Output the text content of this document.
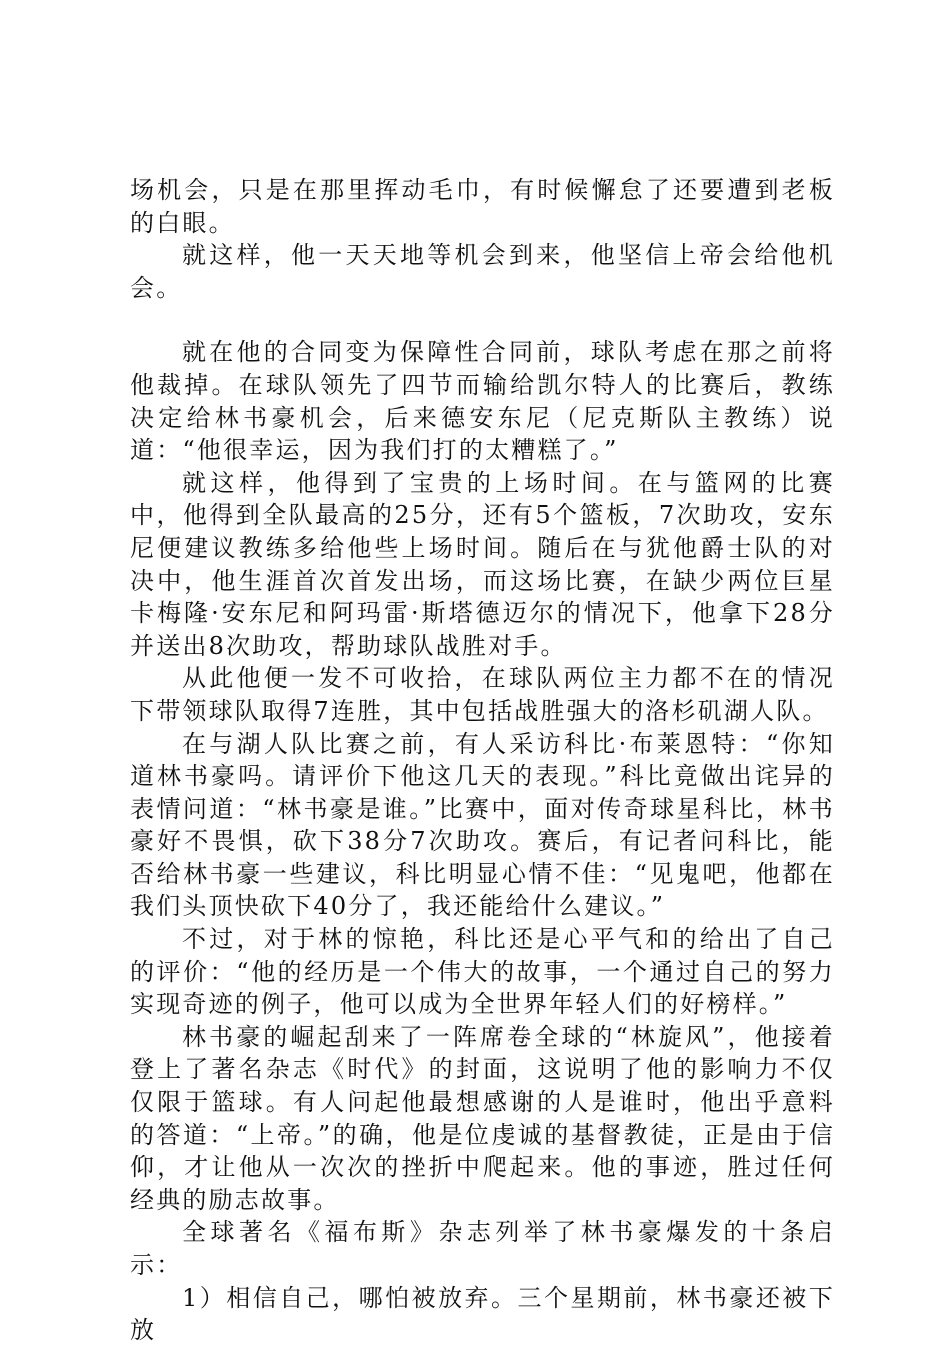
场机会，只是在那里挥动毛巾，有时候懈怠了还要遭到老板的白眼。

就这样，他一天天地等机会到来，他坚信上帝会给他机会。

就在他的合同变为保障性合同前，球队考虑在那之前将他裁掉。在球队领先了四节而输给凯尔特人的比赛后，教练决定给林书豪机会，后来德安东尼（尼克斯队主教练）说道：“他很幸运，因为我们打的太糟糕了。”

就这样，他得到了宝贵的上场时间。在与篮网的比赛中，他得到全队最高的25分，还有5个篮板，7次助攻，安东尼便建议教练多给他些上场时间。随后在与犹他爵士队的对决中，他生涯首次首发出场，而这场比赛，在缺少两位巨星卡梅隆·安东尼和阿玛雷·斯塔德迈尔的情况下，他拿下28分并送出8次助攻，帮助球队战胜对手。

从此他便一发不可收拾，在球队两位主力都不在的情况下带领球队取得7连胜，其中包括战胜强大的洛杉矶湖人队。

在与湖人队比赛之前，有人采访科比·布莱恩特：“你知道林书豪吗。请评价下他这几天的表现。”科比竟做出诧异的表情问道：“林书豪是谁。”比赛中，面对传奇球星科比，林书豪好不畏惧，砍下38分7次助攻。赛后，有记者问科比，能否给林书豪一些建议，科比明显心情不佳：“见鬼吧，他都在我们头顶快砍下40分了，我还能给什么建议。”

不过，对于林的惊艳，科比还是心平气和的给出了自己的评价：“他的经历是一个伟大的故事，一个通过自己的努力实现奇迹的例子，他可以成为全世界年轻人们的好榜样。”

林书豪的崛起刮来了一阵席卷全球的“林旋风”，他接着登上了著名杂志《时代》的封面，这说明了他的影响力不仅仅限于篮球。有人问起他最想感谢的人是谁时，他出乎意料的答道：“上帝。”的确，他是位虔诚的基督教徒，正是由于信仰，才让他从一次次的挫折中爬起来。他的事迹，胜过任何经典的励志故事。

全球著名《福布斯》杂志列举了林书豪爆发的十条启示：

1）相信自己，哪怕被放弃。三个星期前，林书豪还被下放
